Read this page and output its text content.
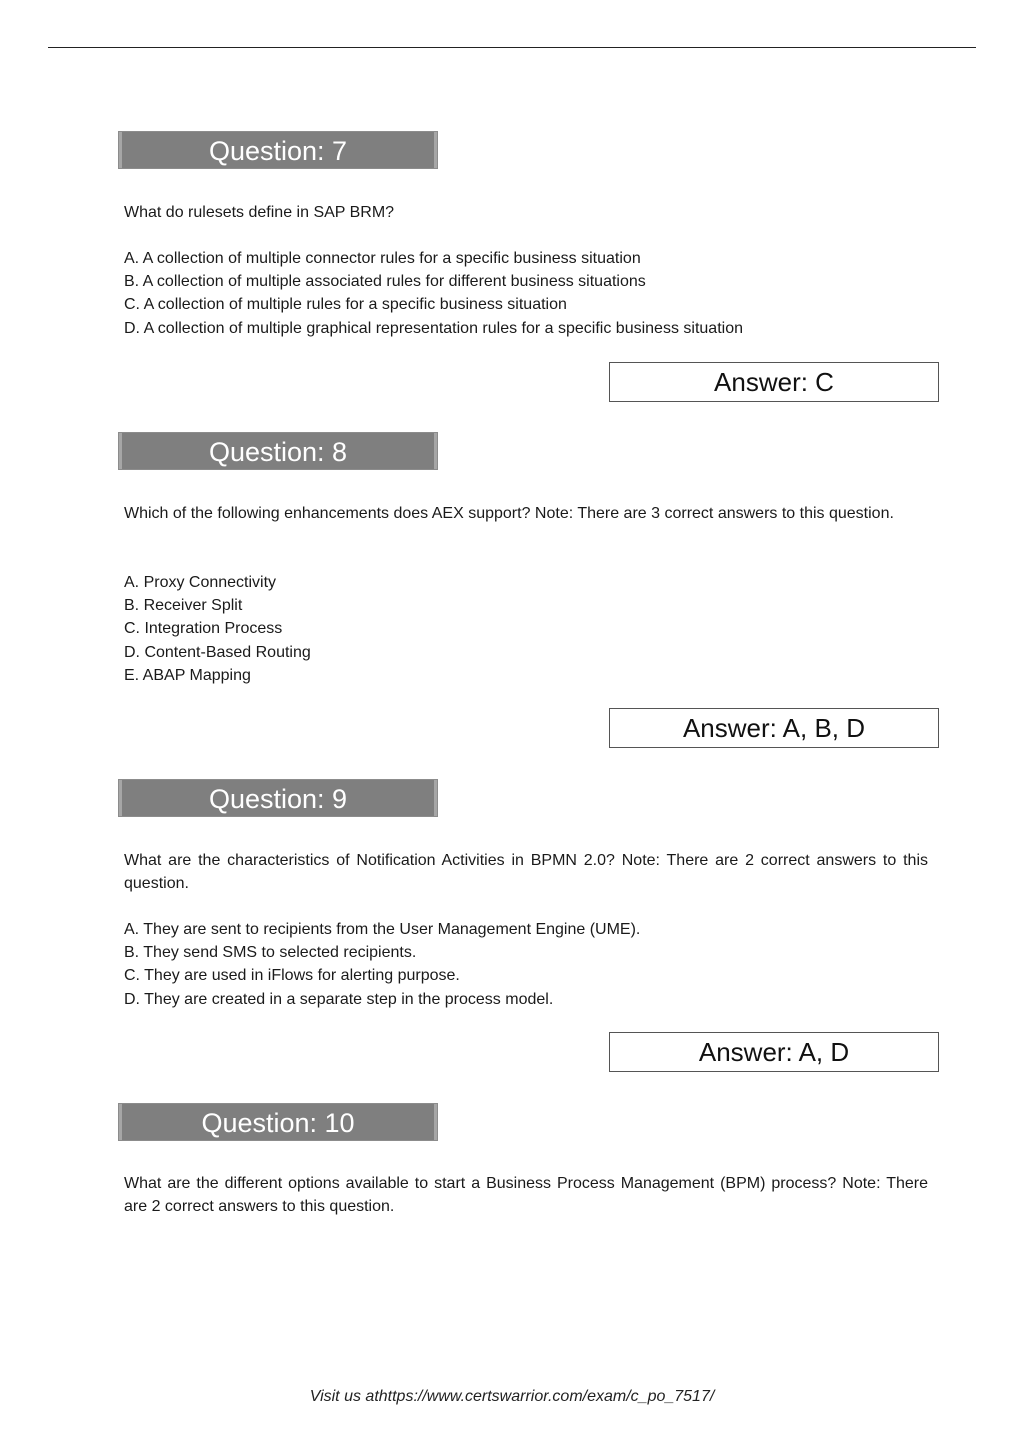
Question: 7

What do rulesets define in SAP BRM?

A. A collection of multiple connector rules for a specific business situation
B. A collection of multiple associated rules for different business situations
C. A collection of multiple rules for a specific business situation
D. A collection of multiple graphical representation rules for a specific business situation
Answer: C
Question: 8

Which of the following enhancements does AEX support? Note: There are 3 correct answers to this question.

A. Proxy Connectivity
B. Receiver Split
C. Integration Process
D. Content-Based Routing
E. ABAP Mapping
Answer: A, B, D
Question: 9

What are the characteristics of Notification Activities in BPMN 2.0? Note: There are 2 correct answers to this question.

A. They are sent to recipients from the User Management Engine (UME).
B. They send SMS to selected recipients.
C. They are used in iFlows for alerting purpose.
D. They are created in a separate step in the process model.
Answer: A, D
Question: 10

What are the different options available to start a Business Process Management (BPM) process? Note: There are 2 correct answers to this question.

Visit us athttps://www.certswarrior.com/exam/c_po_7517/
